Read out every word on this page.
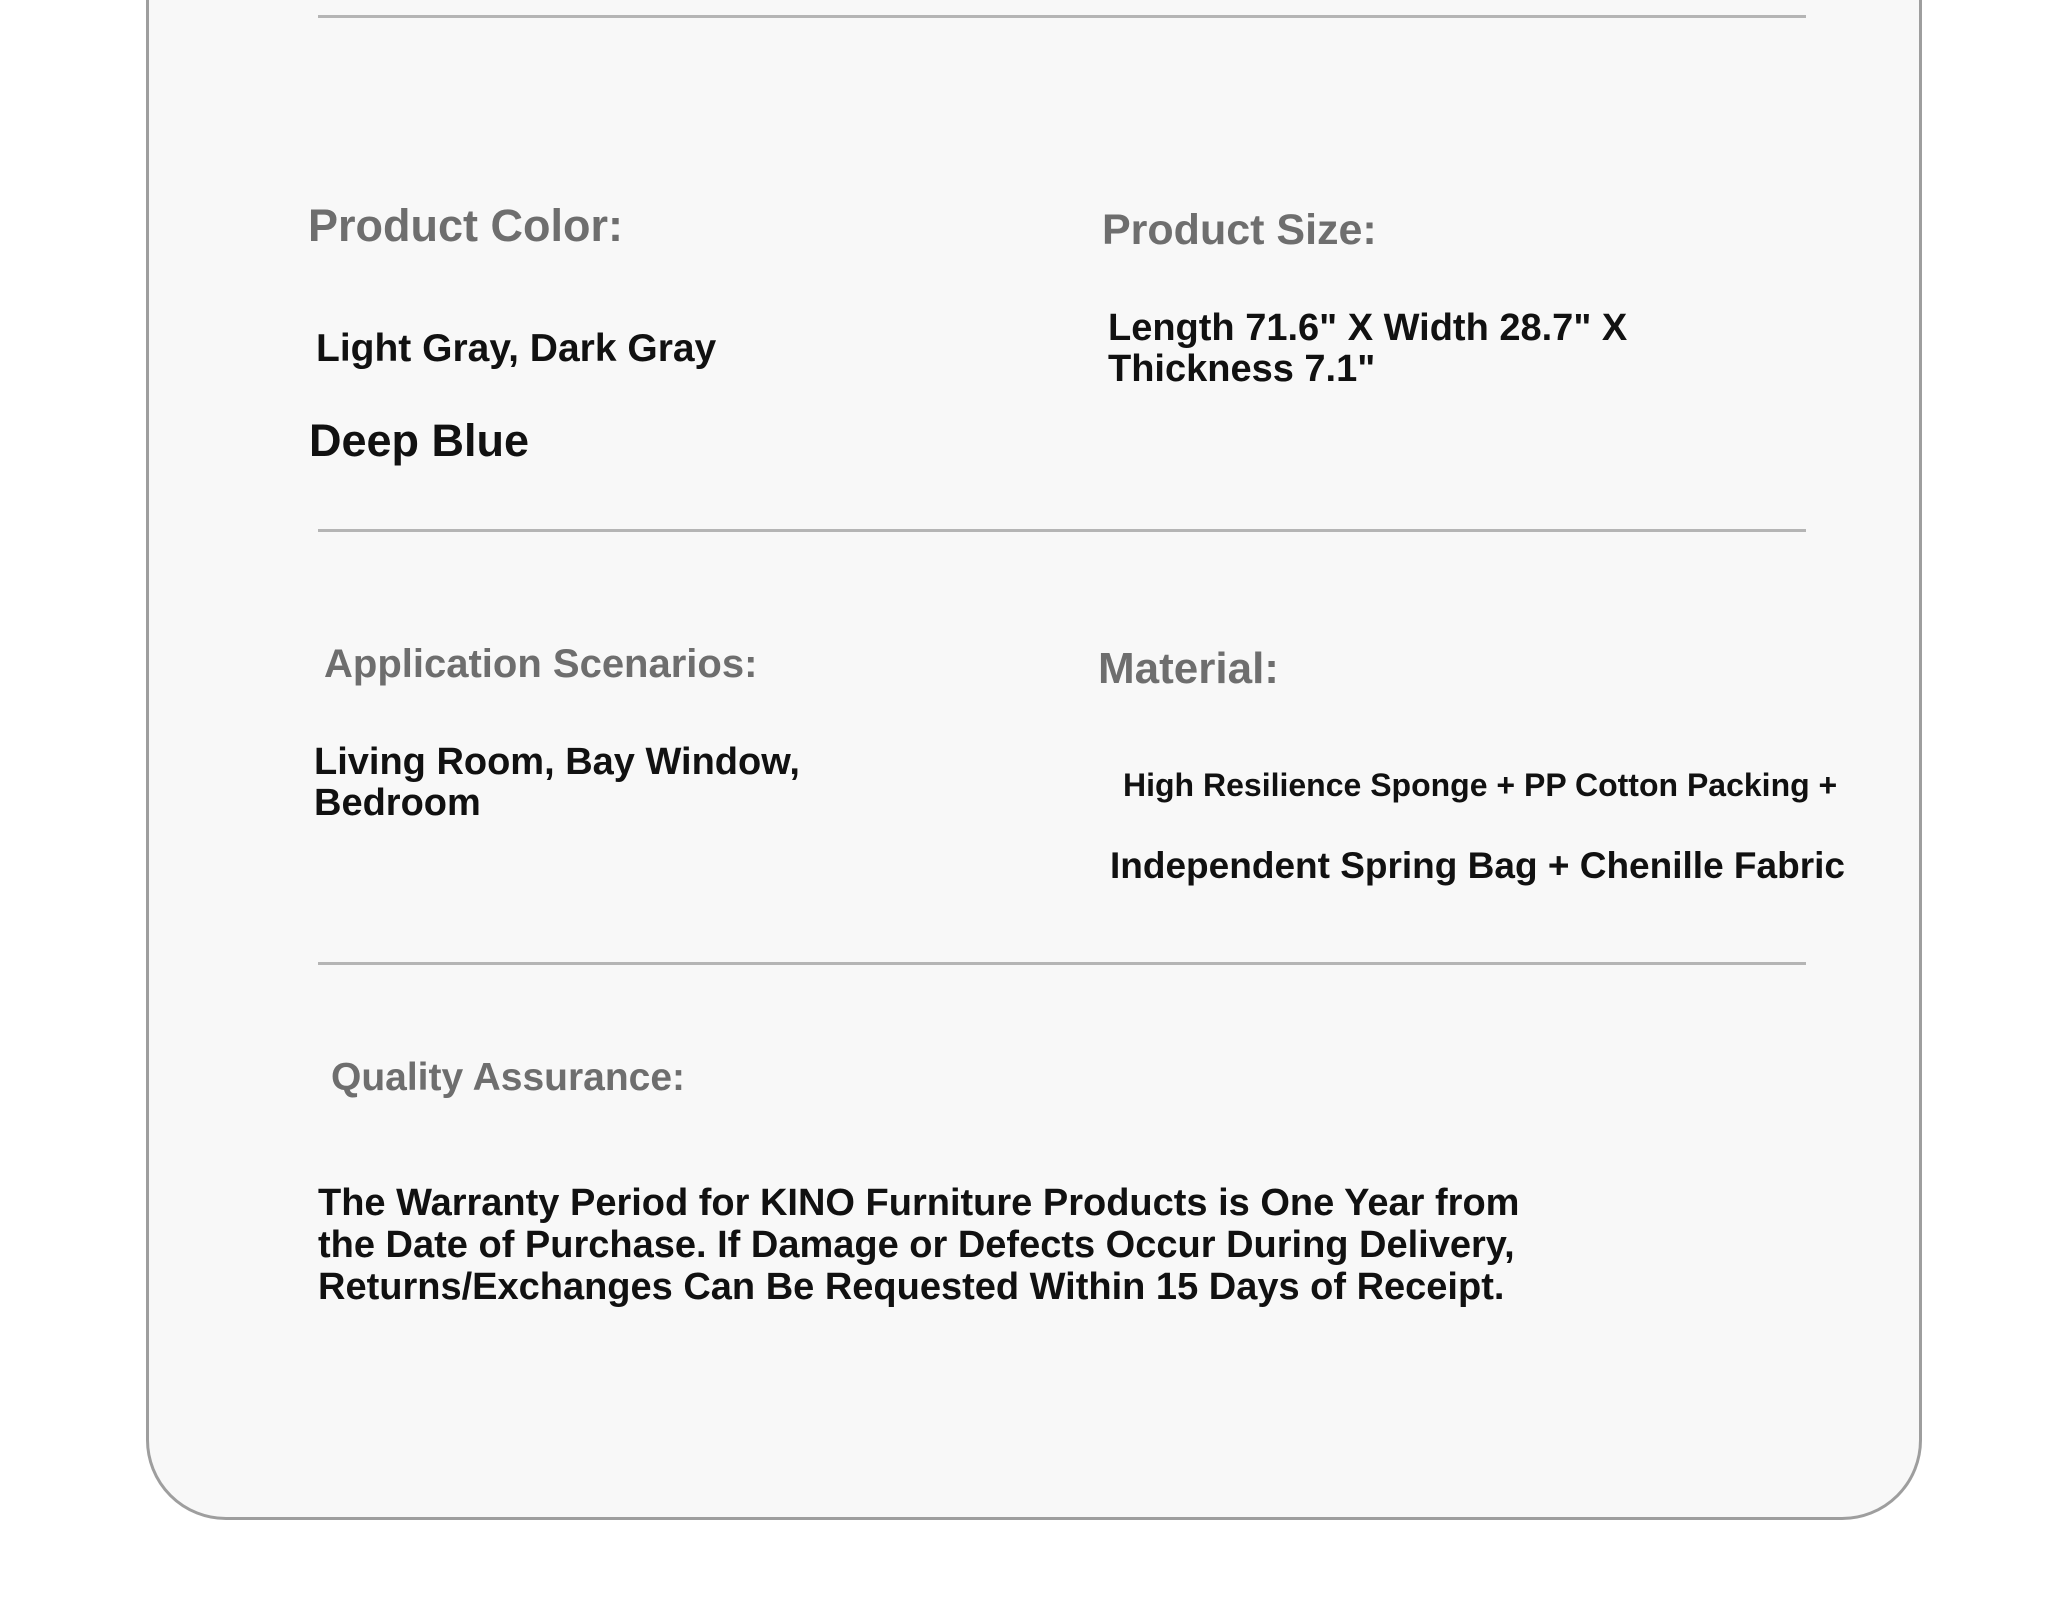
Product Color:
Light Gray, Dark Gray
Deep Blue
Product Size:
Length 71.6" X Width 28.7" X Thickness 7.1"
Application Scenarios:
Living Room, Bay Window, Bedroom
Material:
High Resilience Sponge + PP Cotton Packing +
Independent Spring Bag + Chenille Fabric
Quality Assurance:
The Warranty Period for KINO Furniture Products is One Year from the Date of Purchase. If Damage or Defects Occur During Delivery, Returns/Exchanges Can Be Requested Within 15 Days of Receipt.
